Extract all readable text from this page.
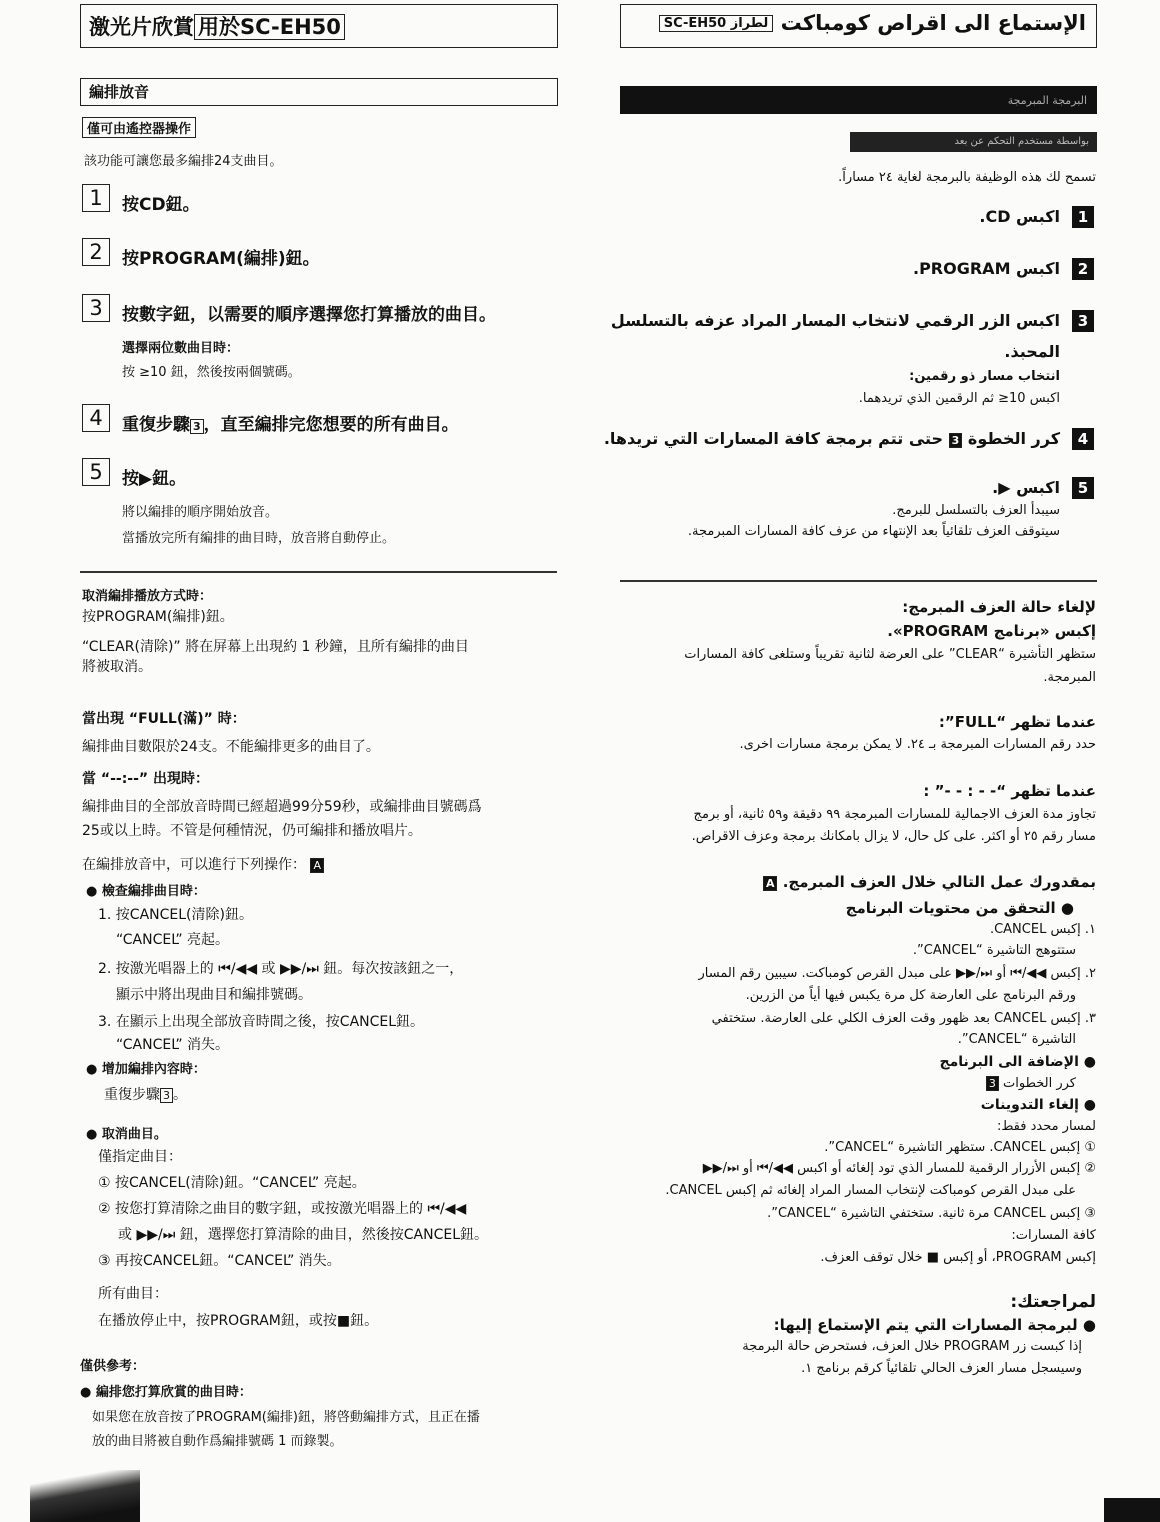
激光片欣賞 用於SC-EH50
編排放音
僅可由遙控器操作
該功能可讓您最多編排24支曲目。
1	按CD鈕。
2	按PROGRAM(編排)鈕。
3	按數字鈕，以需要的順序選擇您打算播放的曲目。
選擇兩位數曲目時：
按 ≥10 鈕，然後按兩個號碼。
4	重復步驟 3 ，直至編排完您想要的所有曲目。
5	按▶鈕。
將以編排的順序開始放音。
當播放完所有編排的曲目時，放音將自動停止。
取消編排播放方式時：
按PROGRAM(編排)鈕。
“CLEAR(清除)” 將在屏幕上出現約 1 秒鐘，且所有編排的曲目
將被取消。
當出現 “FULL(滿)” 時：
編排曲目數限於24支。不能編排更多的曲目了。
當 “--:--” 出現時：
編排曲目的全部放音時間已經超過99分59秒，或編排曲目號碼爲
25或以上時。不管是何種情況，仍可編排和播放唱片。
在編排放音中，可以進行下列操作： A
● 檢查編排曲目時：
1. 按CANCEL(清除)鈕。
“CANCEL” 亮起。
2. 按激光唱器上的 ⏮/◀◀ 或 ▶▶/⏭ 鈕。每次按該鈕之一，
顯示中將出現曲目和編排號碼。
3. 在顯示上出現全部放音時間之後，按CANCEL鈕。
“CANCEL” 消失。
● 增加編排內容時：
重復步驟 3 。
● 取消曲目。
僅指定曲目：
① 按CANCEL(清除)鈕。“CANCEL” 亮起。
② 按您打算清除之曲目的數字鈕，或按激光唱器上的 ⏮/◀◀
或 ▶▶/⏭ 鈕，選擇您打算清除的曲目，然後按CANCEL鈕。
③ 再按CANCEL鈕。“CANCEL” 消失。
所有曲目：
在播放停止中，按PROGRAM鈕，或按■鈕。
僅供參考：
● 編排您打算欣賞的曲目時：
如果您在放音按了PROGRAM(編排)鈕，將啓動編排方式，且正在播
放的曲目將被自動作爲編排號碼 1 而錄製。
الإستماع الى اقراص كومباكت لطراز SC-EH50
البرمجة المبرمجة
بواسطة مستخدم التحكم عن بعد
تسمح لك هذه الوظيفة بالبرمجة لغاية ٢٤ مساراً.
1
اكبس CD.
2
اكبس PROGRAM.
3
اكبس الزر الرقمي لانتخاب المسار المراد عزفه بالتسلسل
المحبذ.
انتخاب مسار ذو رقمين:
اكبس 10≤ ثم الرقمين الذي تريدهما.
4
كرر الخطوة 3 حتى تتم برمجة كافة المسارات التي تريدها.
5
اكبس ▶.
سيبدأ العزف بالتسلسل للبرمج.
سيتوقف العزف تلقائياً بعد الإنتهاء من عزف كافة المسارات المبرمجة.
لإلغاء حالة العزف المبرمج:
إكبس «برنامج PROGRAM».
ستظهر التأشيرة “CLEAR” على العرضة لثانية تقريباً وستلغى كافة المسارات
المبرمجة.
عندما تظهر “FULL”:
حدد رقم المسارات المبرمجة بـ ٢٤. لا يمكن برمجة مسارات اخرى.
عندما تظهر “- - : - -” :
تجاوز مدة العزف الاجمالية للمسارات المبرمجة ٩٩ دقيقة و٥٩ ثانية، أو برمج
مسار رقم ٢٥ أو اكثر. على كل حال، لا يزال بامكانك برمجة وعزف الاقراص.
بمقدورك عمل التالي خلال العزف المبرمج. A
● التحقق من محتويات البرنامج
١. إكبس CANCEL.
ستتوهج التاشيرة “CANCEL”.
٢. إكبس ◀◀/⏮ أو ⏭/▶▶ على مبدل القرص كومباكت. سيبين رقم المسار
ورقم البرنامج على العارضة كل مرة يكبس فيها أياً من الزرين.
٣. إكبس CANCEL بعد ظهور وقت العزف الكلي على العارضة. ستختفي
التاشيرة “CANCEL”.
● الإضافة الى البرنامج
كرر الخطوات 3
● إلغاء التدوينات
لمسار محدد فقط:
① إكبس CANCEL. ستظهر التاشيرة “CANCEL”.
② إكبس الأزرار الرقمية للمسار الذي تود إلغائه أو اكبس ◀◀/⏮ أو ⏭/▶▶
على مبدل القرص كومباكت لإنتخاب المسار المراد إلغائه ثم إكبس CANCEL.
③ إكبس CANCEL مرة ثانية. ستختفي التاشيرة “CANCEL”.
كافة المسارات:
إكبس PROGRAM، أو إكبس ■ خلال توقف العزف.
لمراجعتك:
● لبرمجة المسارات التي يتم الإستماع إليها:
إذا كبست زر PROGRAM خلال العزف، فستحرض حالة البرمجة
وسيسجل مسار العزف الحالي تلقائياً كرقم برنامج ١.
